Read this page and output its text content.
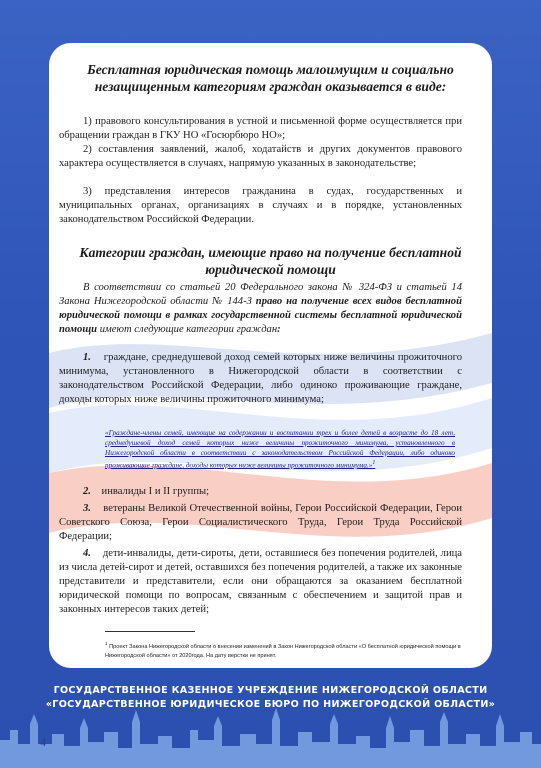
Бесплатная юридическая помощь малоимущим и социально незащищенным категориям граждан оказывается в виде:
1) правового консультирования в устной и письменной форме осуществляется при обращении граждан в ГКУ НО «Госюрбюро НО»;
2) составления заявлений, жалоб, ходатайств и других документов правового характера осуществляется в случаях, напрямую указанных в законодательстве;
3) представления интересов гражданина в судах, государственных и муниципальных органах, организациях в случаях и в порядке, установленных законодательством Российской Федерации.
Категории граждан, имеющие право на получение бесплатной юридической помощи
В соответствии со статьей 20 Федерального закона № 324-ФЗ и статьей 14 Закона Нижегородской области № 144-З право на получение всех видов бесплатной юридической помощи в рамках государственной системы бесплатной юридической помощи имеют следующие категории граждан:
1. граждане, среднедушевой доход семей которых ниже величины прожиточного минимума, установленного в Нижегородской области в соответствии с законодательством Российской Федерации, либо одиноко проживающие граждане, доходы которых ниже величины прожиточного минимума;
«Граждане-члены семей, имеющие на содержании и воспитании трех и более детей в возрасте до 18 лет, среднедушевой доход семей которых ниже величины прожиточного минимума, установленного в Нижегородской области в соответствии с законодательством Российской Федерации, либо одиноко проживающие граждане, доходы которых ниже величины прожиточного минимума.»$^1$
2. инвалиды I и II группы;
3. ветераны Великой Отечественной войны, Герои Российской Федерации, Герои Советского Союза, Герои Социалистического Труда, Герои Труда Российской Федерации;
4. дети-инвалиды, дети-сироты, дети, оставшиеся без попечения родителей, лица из числа детей-сирот и детей, оставшихся без попечения родителей, а также их законные представители и представители, если они обращаются за оказанием бесплатной юридической помощи по вопросам, связанным с обеспечением и защитой прав и законных интересов таких детей;
$^1$ Проект Закона Нижегородской области о внесении изменений в Закон Нижегородской области «О бесплатной юридической помощи в Нижегородской области» от 2020года. На дату верстки не принят.
ГОСУДАРСТВЕННОЕ КАЗЕННОЕ УЧРЕЖДЕНИЕ НИЖЕГОРОДСКОЙ ОБЛАСТИ
«ГОСУДАРСТВЕННОЕ ЮРИДИЧЕСКОЕ БЮРО ПО НИЖЕГОРОДСКОЙ ОБЛАСТИ»
4
